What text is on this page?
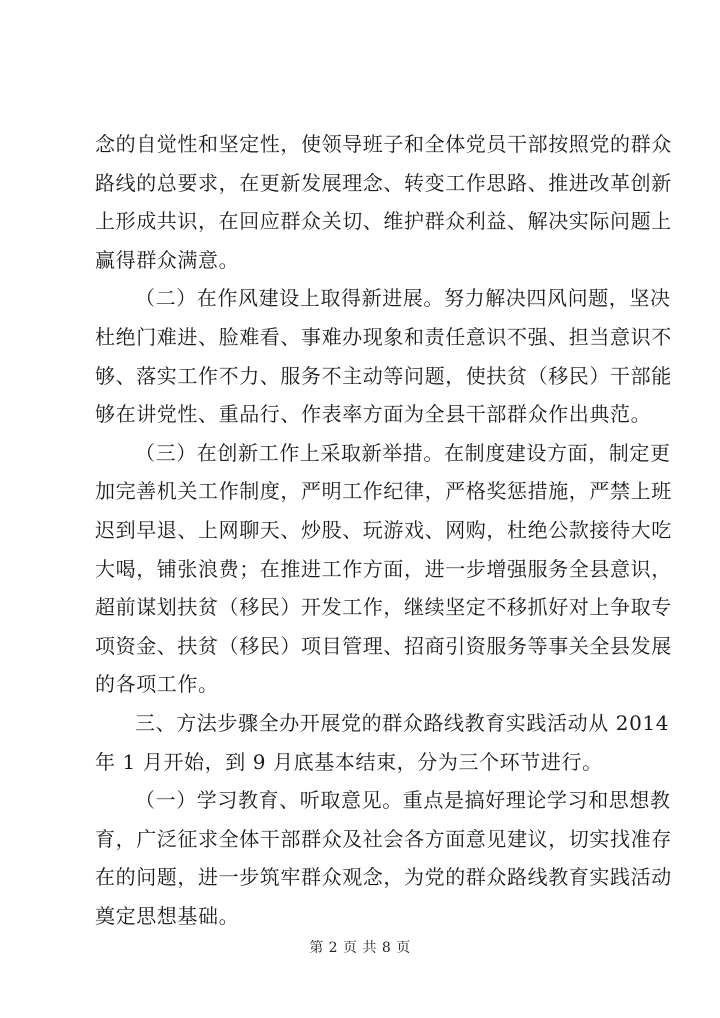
念的自觉性和坚定性，使领导班子和全体党员干部按照党的群众
路线的总要求，在更新发展理念、转变工作思路、推进改革创新
上形成共识，在回应群众关切、维护群众利益、解决实际问题上
赢得群众满意。
（二）在作风建设上取得新进展。努力解决四风问题，坚决
杜绝门难进、脸难看、事难办现象和责任意识不强、担当意识不
够、落实工作不力、服务不主动等问题，使扶贫（移民）干部能
够在讲党性、重品行、作表率方面为全县干部群众作出典范。
（三）在创新工作上采取新举措。在制度建设方面，制定更
加完善机关工作制度，严明工作纪律，严格奖惩措施，严禁上班
迟到早退、上网聊天、炒股、玩游戏、网购，杜绝公款接待大吃
大喝，铺张浪费；在推进工作方面，进一步增强服务全县意识，
超前谋划扶贫（移民）开发工作，继续坚定不移抓好对上争取专
项资金、扶贫（移民）项目管理、招商引资服务等事关全县发展
的各项工作。
三、方法步骤全办开展党的群众路线教育实践活动从 2014
年 1 月开始，到 9 月底基本结束，分为三个环节进行。
（一）学习教育、听取意见。重点是搞好理论学习和思想教
育，广泛征求全体干部群众及社会各方面意见建议，切实找准存
在的问题，进一步筑牢群众观念，为党的群众路线教育实践活动
奠定思想基础。
第 2 页 共 8 页
